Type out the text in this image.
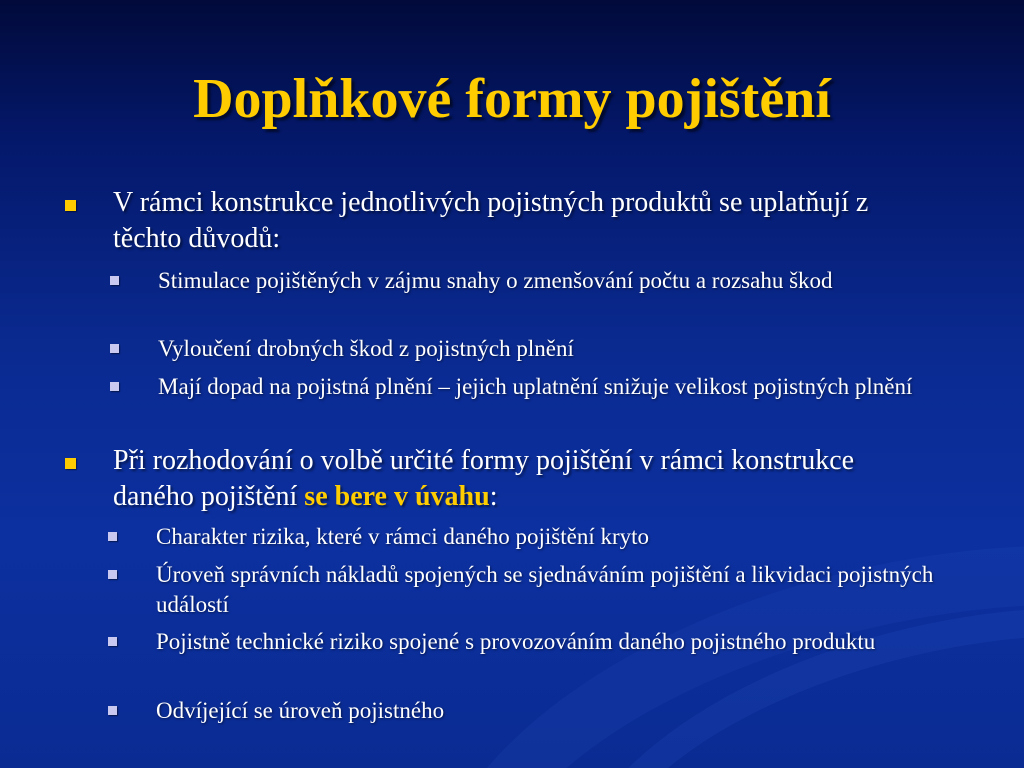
Doplňkové formy pojištění
V rámci konstrukce jednotlivých pojistných produktů se uplatňují z těchto důvodů:
Stimulace pojištěných v zájmu snahy o zmenšování počtu a rozsahu škod
Vyloučení drobných škod z pojistných plnění
Mají dopad na pojistná plnění – jejich uplatnění snižuje velikost pojistných plnění
Při rozhodování o volbě určité formy pojištění v rámci konstrukce daného pojištění se bere v úvahu:
Charakter rizika, které v rámci daného pojištění kryto
Úroveň správních nákladů spojených se sjednáváním pojištění a likvidaci pojistných událostí
Pojistně technické riziko spojené s provozováním daného pojistného produktu
Odvíjející se úroveň pojistného
